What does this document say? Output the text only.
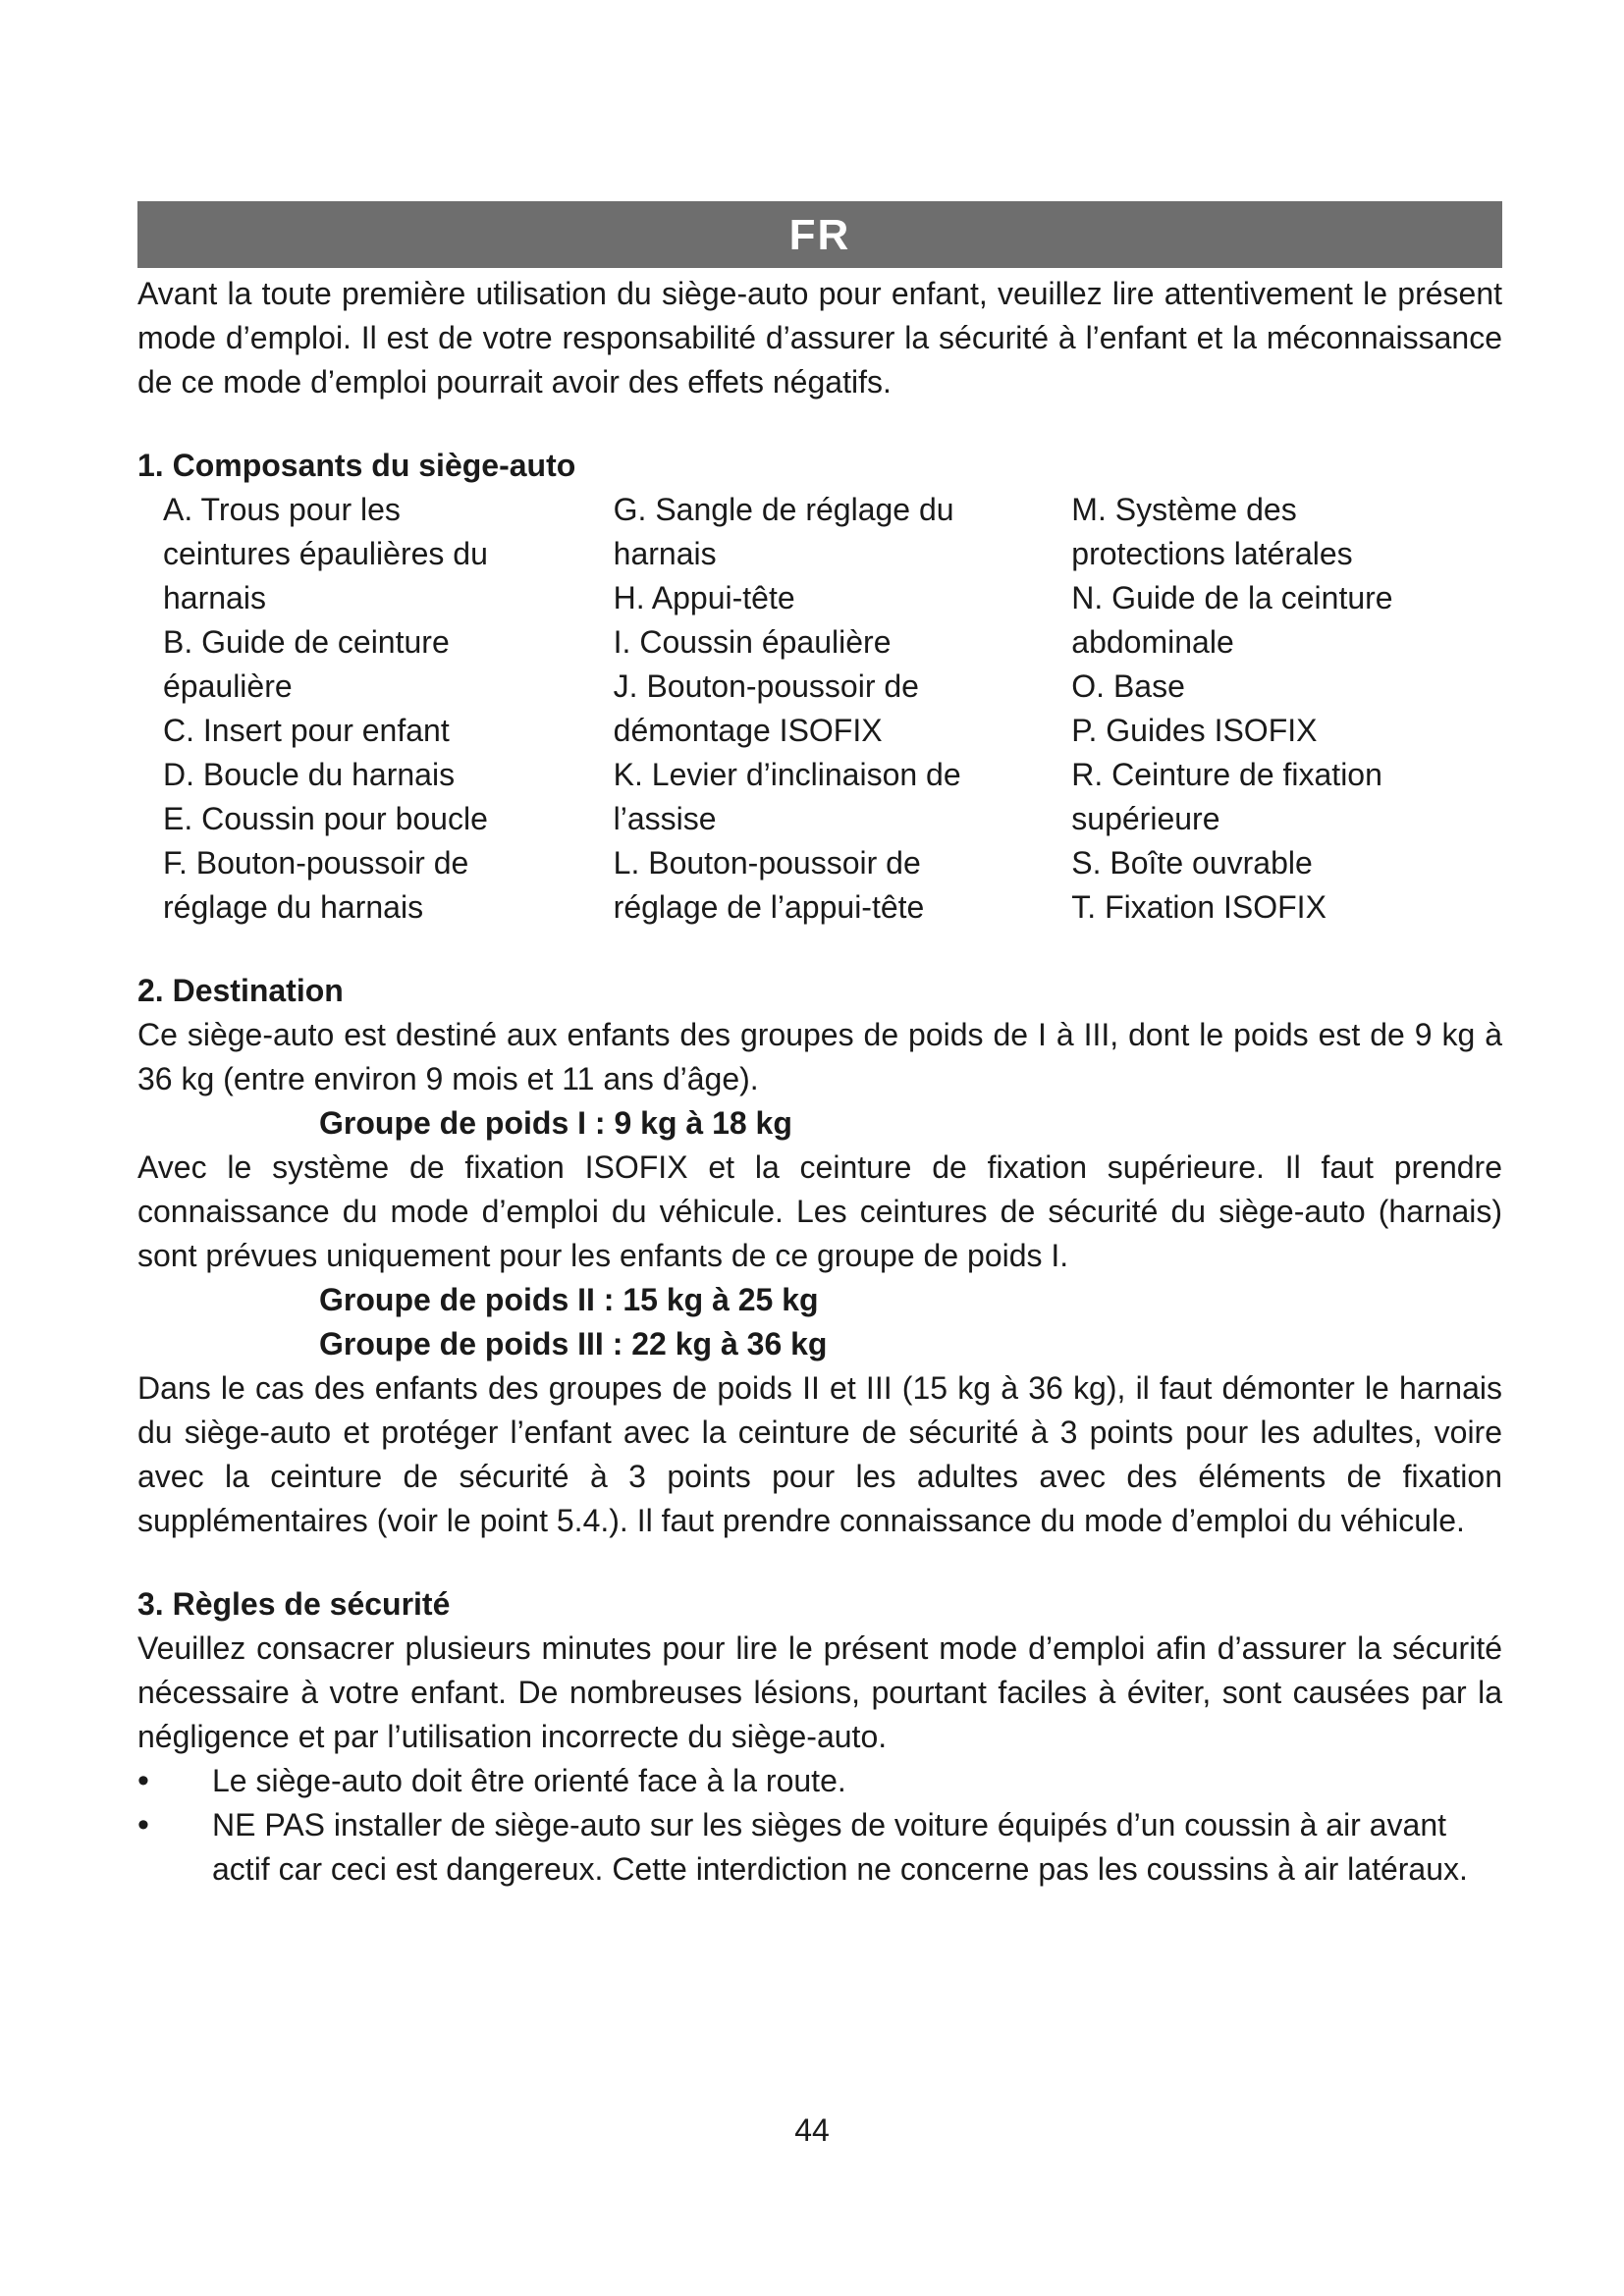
FR

Avant la toute première utilisation du siège-auto pour enfant, veuillez lire attentivement le présent mode d’emploi. Il est de votre responsabilité d’assurer la sécurité à l’enfant et la méconnaissance de ce mode d’emploi pourrait avoir des effets négatifs.

1. Composants du siège-auto
A. Trous pour les
ceintures épaulières du
harnais
B. Guide de ceinture
épaulière
C. Insert pour enfant
D. Boucle du harnais
E. Coussin pour boucle
F. Bouton-poussoir de
réglage du harnais
G. Sangle de réglage du
harnais
H. Appui-tête
I. Coussin épaulière
J. Bouton-poussoir de
démontage ISOFIX
K. Levier d’inclinaison de
l’assise
L. Bouton-poussoir de
réglage de l’appui-tête
M. Système des
protections latérales
N. Guide de la ceinture
abdominale
O. Base
P. Guides ISOFIX
R. Ceinture de fixation
supérieure
S. Boîte ouvrable
T. Fixation ISOFIX
2. Destination

Ce siège-auto est destiné aux enfants des groupes de poids de I à III, dont le poids est de 9 kg à 36 kg (entre environ 9 mois et 11 ans d’âge).

Groupe de poids I : 9 kg à 18 kg

Avec le système de fixation ISOFIX et la ceinture de fixation supérieure. Il faut prendre connaissance du mode d’emploi du véhicule. Les ceintures de sécurité du siège-auto (harnais) sont prévues uniquement pour les enfants de ce groupe de poids I.

Groupe de poids II : 15 kg à 25 kg
Groupe de poids III : 22 kg à 36 kg

Dans le cas des enfants des groupes de poids II et III (15 kg à 36 kg), il faut démonter le harnais du siège-auto et protéger l’enfant avec la ceinture de sécurité à 3 points pour les adultes, voire avec la ceinture de sécurité à 3 points pour les adultes avec des éléments de fixation supplémentaires (voir le point 5.4.). Il faut prendre connaissance du mode d’emploi du véhicule.

3. Règles de sécurité

Veuillez consacrer plusieurs minutes pour lire le présent mode d’emploi afin d’assurer la sécurité nécessaire à votre enfant. De nombreuses lésions, pourtant faciles à éviter, sont causées par la négligence et par l’utilisation incorrecte du siège-auto.

• Le siège-auto doit être orienté face à la route.
• NE PAS installer de siège-auto sur les sièges de voiture équipés d’un coussin à air avant actif car ceci est dangereux. Cette interdiction ne concerne pas les coussins à air latéraux.
44
